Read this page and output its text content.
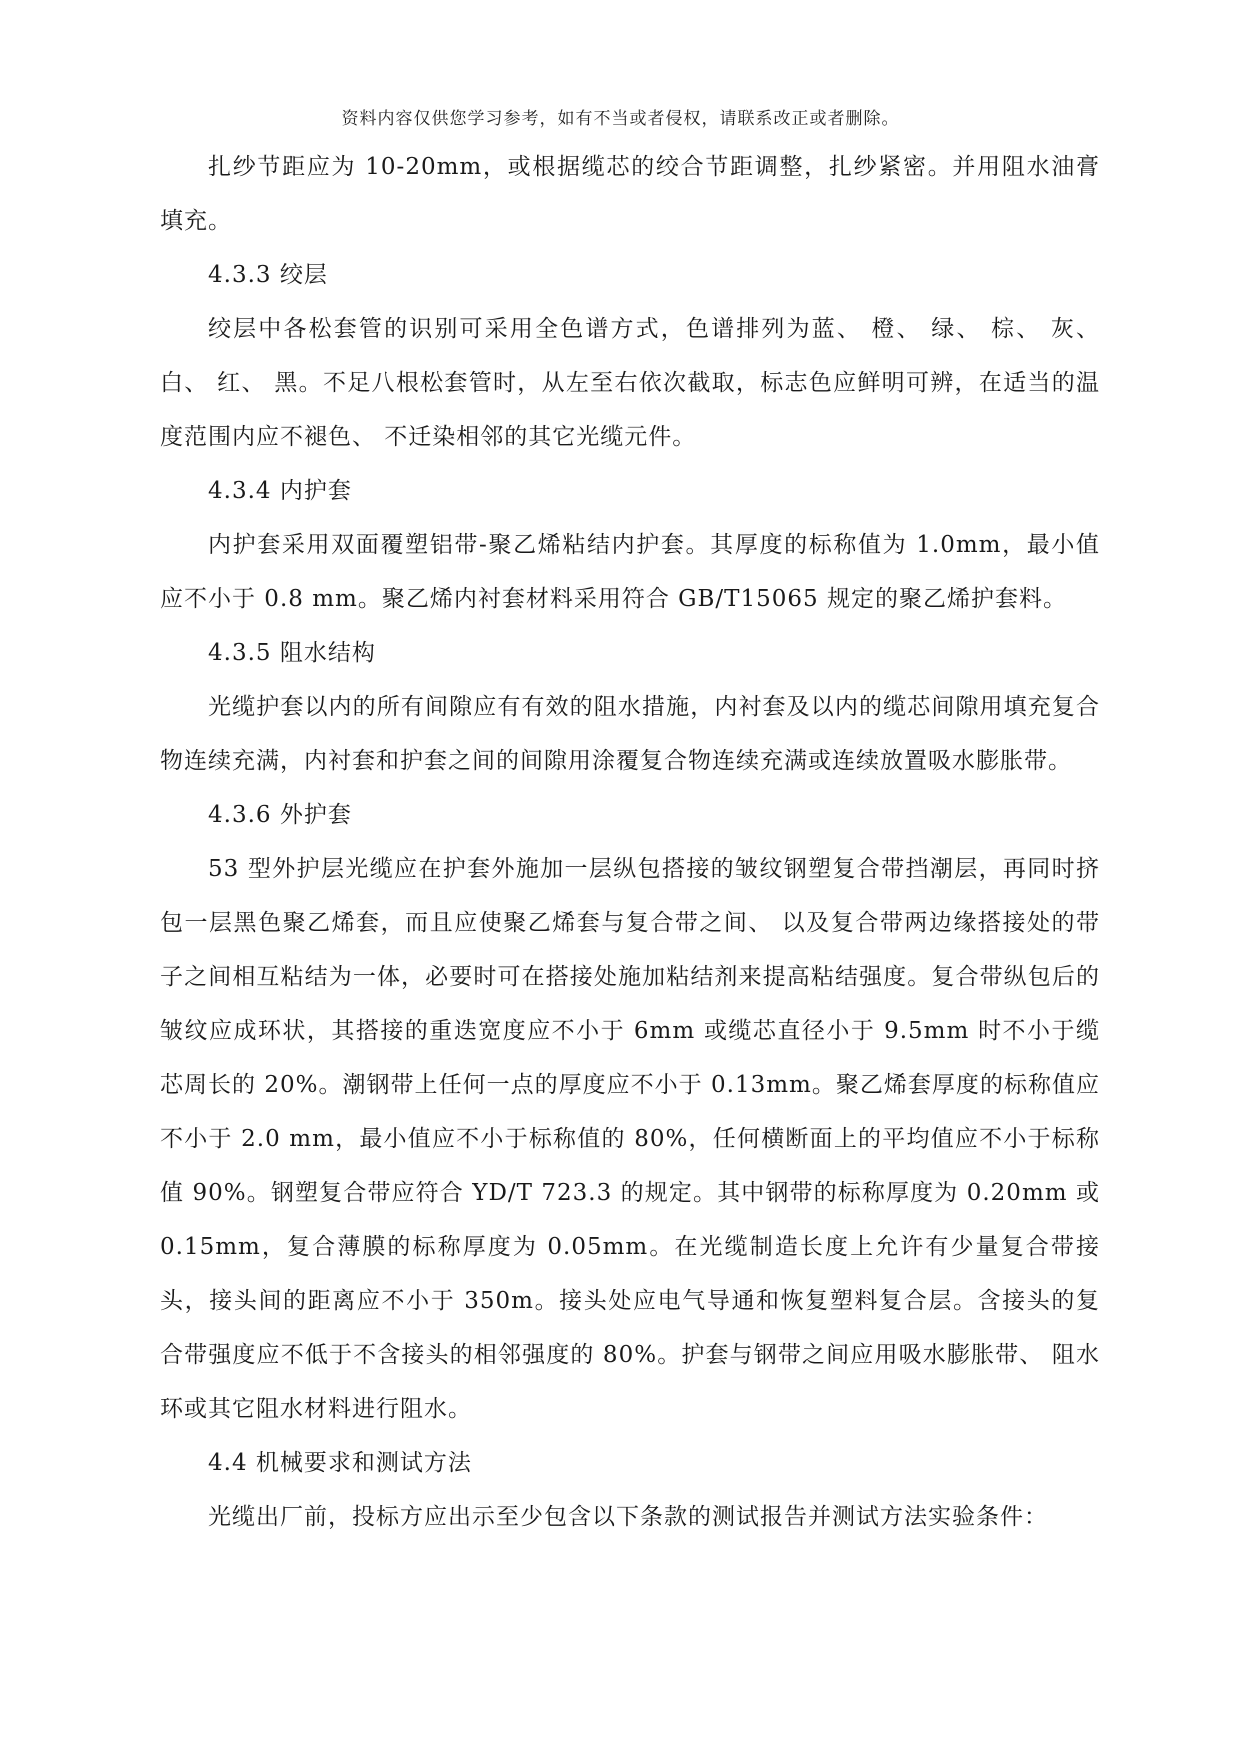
资料内容仅供您学习参考，如有不当或者侵权，请联系改正或者删除。

扎纱节距应为 10-20mm，或根据缆芯的绞合节距调整，扎纱紧密。并用阻水油膏填充。

4.3.3 绞层

绞层中各松套管的识别可采用全色谱方式，色谱排列为蓝、 橙、 绿、 棕、 灰、白、 红、 黑。不足八根松套管时，从左至右依次截取，标志色应鲜明可辨，在适当的温度范围内应不褪色、 不迁染相邻的其它光缆元件。

4.3.4 内护套

内护套采用双面覆塑铝带-聚乙烯粘结内护套。其厚度的标称值为 1.0mm，最小值应不小于 0.8 mm。聚乙烯内衬套材料采用符合 GB/T15065 规定的聚乙烯护套料。

4.3.5 阻水结构

光缆护套以内的所有间隙应有有效的阻水措施，内衬套及以内的缆芯间隙用填充复合物连续充满，内衬套和护套之间的间隙用涂覆复合物连续充满或连续放置吸水膨胀带。

4.3.6 外护套

53 型外护层光缆应在护套外施加一层纵包搭接的皱纹钢塑复合带挡潮层，再同时挤包一层黑色聚乙烯套，而且应使聚乙烯套与复合带之间、 以及复合带两边缘搭接处的带子之间相互粘结为一体，必要时可在搭接处施加粘结剂来提高粘结强度。复合带纵包后的皱纹应成环状，其搭接的重迭宽度应不小于 6mm 或缆芯直径小于 9.5mm 时不小于缆芯周长的 20%。潮钢带上任何一点的厚度应不小于 0.13mm。聚乙烯套厚度的标称值应不小于 2.0 mm，最小值应不小于标称值的 80%，任何横断面上的平均值应不小于标称值 90%。钢塑复合带应符合 YD/T 723.3 的规定。其中钢带的标称厚度为 0.20mm 或 0.15mm，复合薄膜的标称厚度为 0.05mm。在光缆制造长度上允许有少量复合带接头，接头间的距离应不小于 350m。接头处应电气导通和恢复塑料复合层。含接头的复合带强度应不低于不含接头的相邻强度的 80%。护套与钢带之间应用吸水膨胀带、 阻水环或其它阻水材料进行阻水。

4.4 机械要求和测试方法

光缆出厂前，投标方应出示至少包含以下条款的测试报告并测试方法实验条件：
